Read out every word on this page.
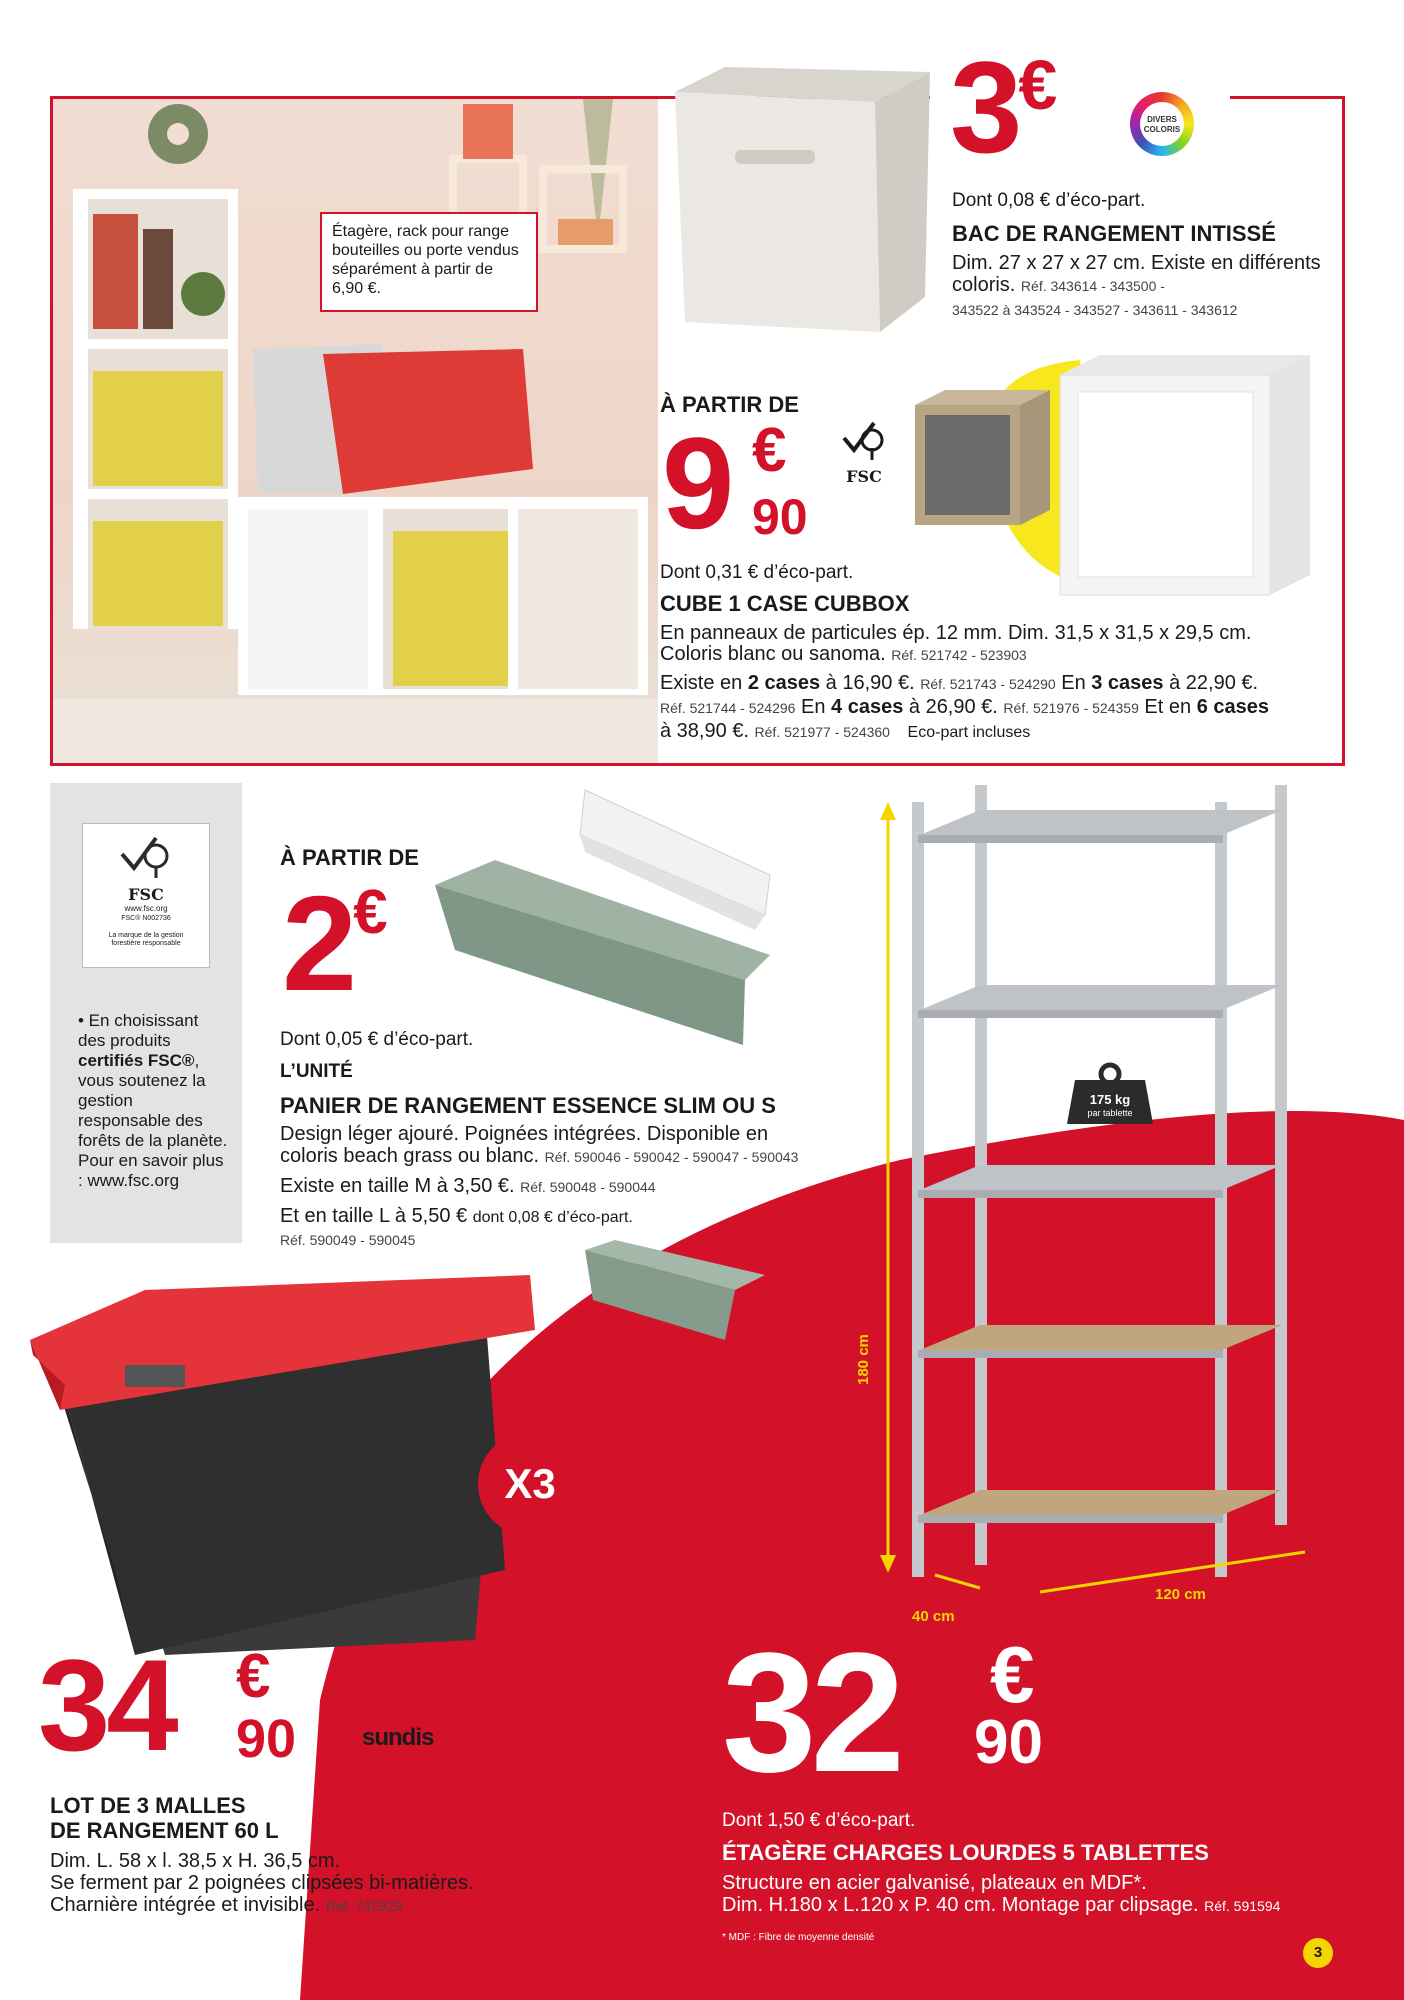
Étagère, rack pour range bouteilles ou porte vendus séparément à partir de 6,90 €.
3€	DIVERS
COLORIS
Dont 0,08 € d’éco-part.
BAC DE RANGEMENT INTISSÉ
Dim. 27 x 27 x 27 cm. Existe en différents coloris. Réf. 343614 - 343500 -
343522 à 343524 - 343527 - 343611 - 343612
À PARTIR DE
9 €
90
FSC
Dont 0,31 € d’éco-part.
CUBE 1 CASE CUBBOX
En panneaux de particules ép. 12 mm. Dim. 31,5 x 31,5 x 29,5 cm.
Coloris blanc ou sanoma. Réf. 521742 - 523903
Existe en 2 cases à 16,90 €. Réf. 521743 - 524290 En 3 cases à 22,90 €.
Réf. 521744 - 524296 En 4 cases à 26,90 €. Réf. 521976 - 524359 Et en 6 cases
à 38,90 €. Réf. 521977 - 524360 Eco-part incluses
FSC
www.fsc.org
FSC® N002736
La marque de la gestion forestière responsable
• En choisissant des produits certifiés FSC®, vous soutenez la gestion responsable des forêts de la planète. Pour en savoir plus : www.fsc.org
À PARTIR DE
2€
Dont 0,05 € d’éco-part.
L’UNITÉ
PANIER DE RANGEMENT ESSENCE SLIM OU S
Design léger ajouré. Poignées intégrées. Disponible en
coloris beach grass ou blanc. Réf. 590046 - 590042 - 590047 - 590043
Existe en taille M à 3,50 €. Réf. 590048 - 590044
Et en taille L à 5,50 € dont 0,08 € d’éco-part.
Réf. 590049 - 590045
X3
34 €
90	sundis
LOT DE 3 MALLES
DE RANGEMENT 60 L
Dim. L. 58 x l. 38,5 x H. 36,5 cm.
Se ferment par 2 poignées clipsées bi-matières.
Charnière intégrée et invisible. Réf. 742929
175 kg
par tablette
180 cm
120 cm
40 cm
32 €
90
Dont 1,50 € d’éco-part.
ÉTAGÈRE CHARGES LOURDES 5 TABLETTES
Structure en acier galvanisé, plateaux en MDF*.
Dim. H.180 x L.120 x P. 40 cm. Montage par clipsage. Réf. 591594
* MDF : Fibre de moyenne densité
3
